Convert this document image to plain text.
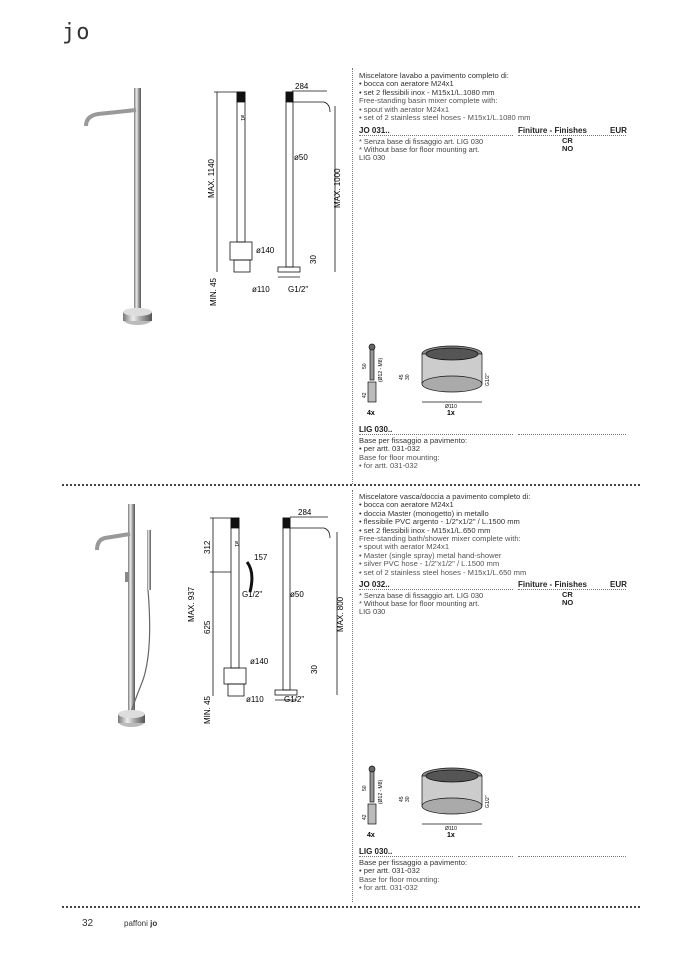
jo
284
ø1
MAX. 1140	MAX. 1000
ø50
ø140
ø110
MIN. 45
30
G1/2"
Miscelatore lavabo a pavimento completo di:
• bocca con aeratore M24x1
• set 2 flessibili inox - M15x1/L.1080 mm
Free-standing basin mixer complete with:
• spout with aerator M24x1
• set of 2 stainless steel hoses - M15x1/L.1080 mm
JO 031..	Finiture - Finishes	EUR
CR
NO
* Senza base di fissaggio art. LIG 030
* Without base for floor mounting art.
LIG 030
50 (Ø12 - M8)
42
45 30
Ø110
G1/2"
4x	1x
LIG 030..
Base per fissaggio a pavimento:
• per artt. 031-032
Base for floor mounting:
• for artt. 031-032
284
ø1
MAX. 937
312
625
157
G1/2"
MAX. 800
ø50
ø140
ø110
MIN. 45
30
G1/2"
Miscelatore vasca/doccia a pavimento completo di:
• bocca con aeratore M24x1
• doccia Master (monogetto) in metallo
• flessibile PVC argento - 1/2"x1/2" / L.1500 mm
• set 2 flessibili inox - M15x1/L.650 mm
Free-standing bath/shower mixer complete with:
• spout with aerator M24x1
• Master (single spray) metal hand-shower
• silver PVC hose - 1/2"x1/2" / L.1500 mm
• set of 2 stainless steel hoses - M15x1/L.650 mm
JO 032..	Finiture - Finishes	EUR
CR
NO
* Senza base di fissaggio art. LIG 030
* Without base for floor mounting art.
LIG 030
50 (Ø12 - M8)
42
45 30
Ø110
G1/2"
4x	1x
LIG 030..
Base per fissaggio a pavimento:
• per artt. 031-032
Base for floor mounting:
• for artt. 031-032
32	paffoni jo
